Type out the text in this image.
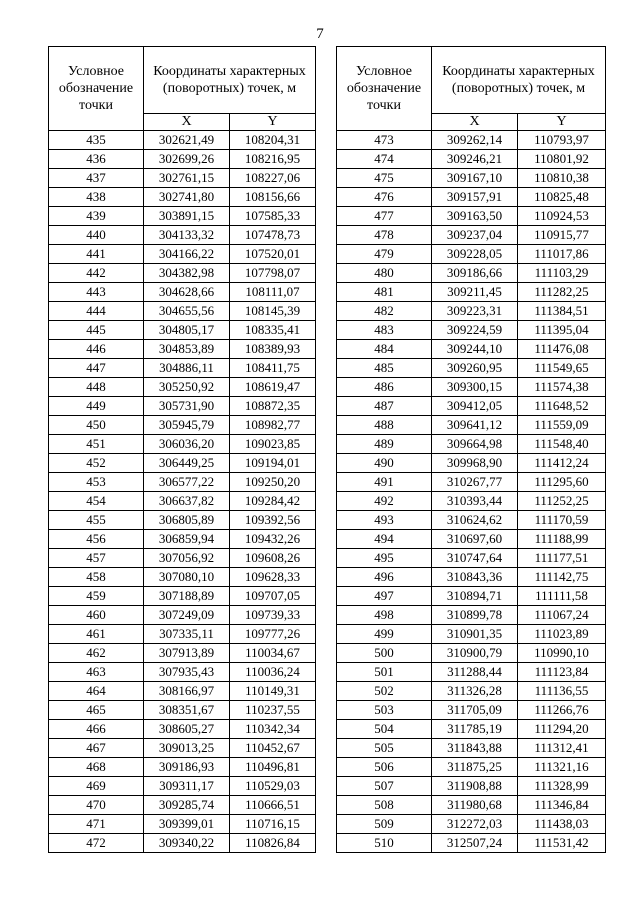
7
Условное обозначение точки	Координаты характерных (поворотных) точек, м	
	X	Y
435	302621,49	108204,31
436	302699,26	108216,95
437	302761,15	108227,06
438	302741,80	108156,66
439	303891,15	107585,33
440	304133,32	107478,73
441	304166,22	107520,01
442	304382,98	107798,07
443	304628,66	108111,07
444	304655,56	108145,39
445	304805,17	108335,41
446	304853,89	108389,93
447	304886,11	108411,75
448	305250,92	108619,47
449	305731,90	108872,35
450	305945,79	108982,77
451	306036,20	109023,85
452	306449,25	109194,01
453	306577,22	109250,20
454	306637,82	109284,42
455	306805,89	109392,56
456	306859,94	109432,26
457	307056,92	109608,26
458	307080,10	109628,33
459	307188,89	109707,05
460	307249,09	109739,33
461	307335,11	109777,26
462	307913,89	110034,67
463	307935,43	110036,24
464	308166,97	110149,31
465	308351,67	110237,55
466	308605,27	110342,34
467	309013,25	110452,67
468	309186,93	110496,81
469	309311,17	110529,03
470	309285,74	110666,51
471	309399,01	110716,15
472	309340,22	110826,84
Условное обозначение точки	Координаты характерных (поворотных) точек, м	
	X	Y
473	309262,14	110793,97
474	309246,21	110801,92
475	309167,10	110810,38
476	309157,91	110825,48
477	309163,50	110924,53
478	309237,04	110915,77
479	309228,05	111017,86
480	309186,66	111103,29
481	309211,45	111282,25
482	309223,31	111384,51
483	309224,59	111395,04
484	309244,10	111476,08
485	309260,95	111549,65
486	309300,15	111574,38
487	309412,05	111648,52
488	309641,12	111559,09
489	309664,98	111548,40
490	309968,90	111412,24
491	310267,77	111295,60
492	310393,44	111252,25
493	310624,62	111170,59
494	310697,60	111188,99
495	310747,64	111177,51
496	310843,36	111142,75
497	310894,71	111111,58
498	310899,78	111067,24
499	310901,35	111023,89
500	310900,79	110990,10
501	311288,44	111123,84
502	311326,28	111136,55
503	311705,09	111266,76
504	311785,19	111294,20
505	311843,88	111312,41
506	311875,25	111321,16
507	311908,88	111328,99
508	311980,68	111346,84
509	312272,03	111438,03
510	312507,24	111531,42
